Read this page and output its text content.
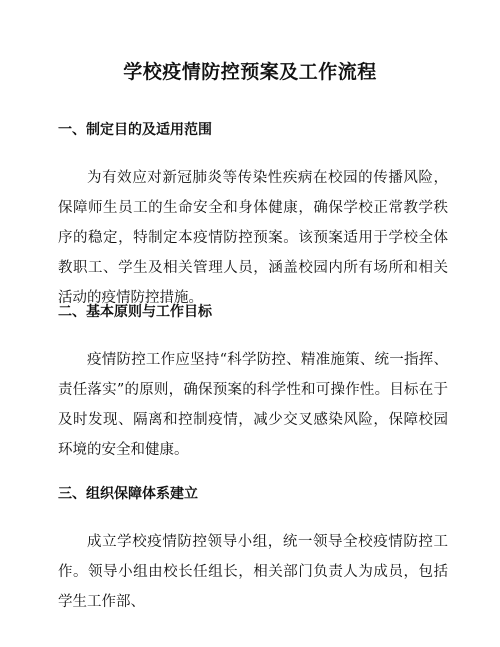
学校疫情防控预案及工作流程
一、制定目的及适用范围

为有效应对新冠肺炎等传染性疾病在校园的传播风险，保障师生员工的生命安全和身体健康，确保学校正常教学秩序的稳定，特制定本疫情防控预案。该预案适用于学校全体教职工、学生及相关管理人员，涵盖校园内所有场所和相关活动的疫情防控措施。

二、基本原则与工作目标

疫情防控工作应坚持“科学防控、精准施策、统一指挥、责任落实”的原则，确保预案的科学性和可操作性。目标在于及时发现、隔离和控制疫情，减少交叉感染风险，保障校园环境的安全和健康。

三、组织保障体系建立

成立学校疫情防控领导小组，统一领导全校疫情防控工作。领导小组由校长任组长，相关部门负责人为成员，包括学生工作部、
